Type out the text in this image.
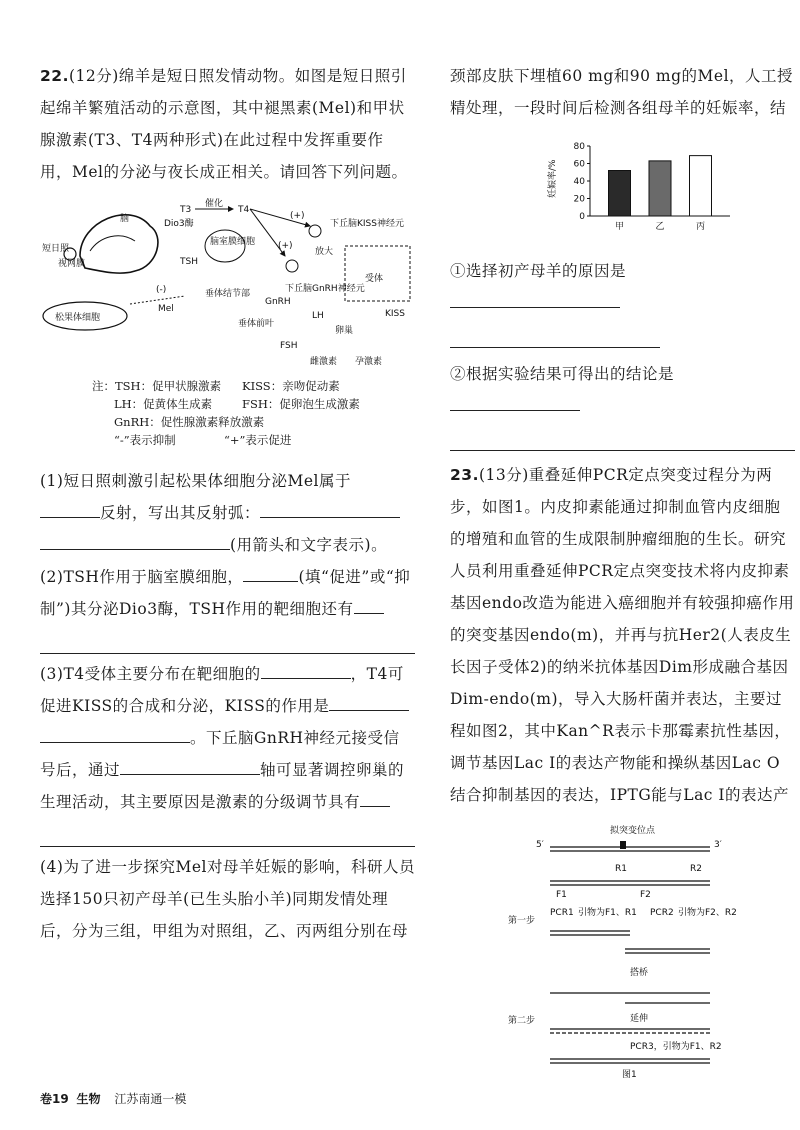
22.(12分)绵羊是短日照发情动物。如图是短日照引起绵羊繁殖活动的示意图，其中褪黑素(Mel)和甲状腺激素(T3、T4两种形式)在此过程中发挥重要作用，Mel的分泌与夜长成正相关。请回答下列问题。

松果体细胞
短日照
视网膜
脑
Mel
(-)
T3
催化
T4
Dio3酶
脑室膜细胞
TSH
垂体结节部
(+)
(+)
下丘脑KISS神经元
放大
受体
KISS
下丘脑GnRH神经元
GnRH
垂体前叶
LH
FSH
卵巢
雌激素 孕激素
注：TSH：促甲状腺激素 KISS：亲吻促动素
LH：促黄体生成素	FSH：促卵泡生成激素
GnRH：促性腺激素释放激素
“-”表示抑制	“+”表示促进

(1)短日照刺激引起松果体细胞分泌Mel属于
反射，写出其反射弧：
(用箭头和文字表示)。

(2)TSH作用于脑室膜细胞，	(填“促进”或“抑制”)其分泌Dio3酶，TSH作用的靶细胞还有

(3)T4受体主要分布在靶细胞的	，T4可促进KISS的合成和分泌，KISS的作用是
。下丘脑GnRH神经元接受信号后，通过	轴可显著调控卵巢的生理活动，其主要原因是激素的分级调节具有

(4)为了进一步探究Mel对母羊妊娠的影响，科研人员选择150只初产母羊(已生头胎小羊)同期发情处理后，分为三组，甲组为对照组，乙、丙两组分别在母

颈部皮肤下埋植60 mg和90 mg的Mel，人工授精处理，一段时间后检测各组母羊的妊娠率，结

妊娠率/%
0
20
40
60
80
甲	乙	丙

①选择初产母羊的原因是

②根据实验结果可得出的结论是

23.(13分)重叠延伸PCR定点突变过程分为两步，如图1。内皮抑素能通过抑制血管内皮细胞的增殖和血管的生成限制肿瘤细胞的生长。研究人员利用重叠延伸PCR定点突变技术将内皮抑素基因endo改造为能进入癌细胞并有较强抑癌作用的突变基因endo(m)，并再与抗Her2(人表皮生长因子受体2)的纳米抗体基因Dim形成融合基因Dim-endo(m)，导入大肠杆菌并表达，主要过程如图2，其中Kan^R表示卡那霉素抗性基因，调节基因Lac I的表达产物能和操纵基因Lac O结合抑制基因的表达，IPTG能与Lac I的表达产

拟突变位点
5′	3′
R1	R2
F1	F2
PCR1 引物为F1、R1 PCR2 引物为F2、R2
第一步
搭桥
第二步	延伸
PCR3，引物为F1、R2
图1
卷19 生物 江苏南通一模
